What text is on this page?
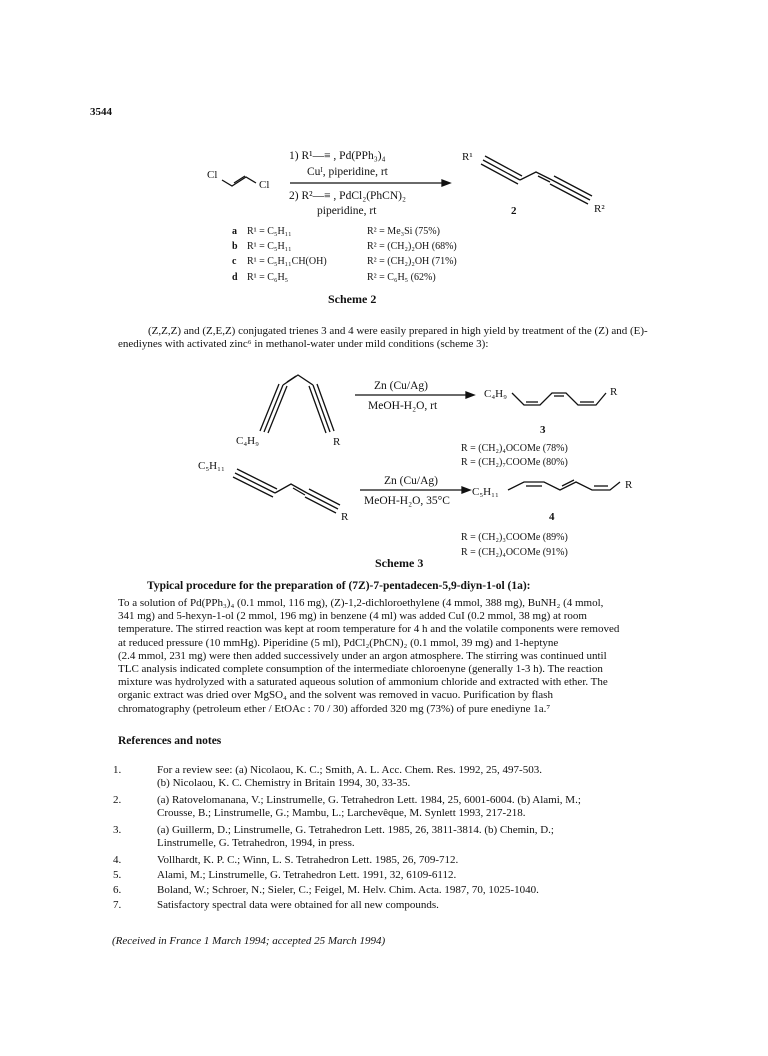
3544
Cl
Cl
1) R¹—≡ , Pd(PPh₃)₄
Cuᴵ, piperidine, rt
2) R²—≡ , PdCl₂(PhCN)₂
piperidine, rt
R¹
R²
2
a R¹ = C₅H₁₁	R² = Me₃Si (75%)
b R¹ = C₅H₁₁	R² = (CH₂)₂OH (68%)
c R¹ = C₅H₁₁CH(OH)	R² = (CH₂)₂OH (71%)
d R¹ = C₆H₅	R² = C₆H₅ (62%)
Scheme 2
(Z,Z,Z) and (Z,E,Z) conjugated trienes 3 and 4 were easily prepared in high yield by treatment of the (Z) and (E)-enediynes with activated zinc⁶ in methanol-water under mild conditions (scheme 3):
C₄H₉	R
Zn (Cu/Ag)
MeOH-H₂O, rt
C₄H₉	R
3
R = (CH₂)₄OCOMe (78%)
R = (CH₂)₇COOMe (80%)
C₅H₁₁
R
Zn (Cu/Ag)
MeOH-H₂O, 35°C
C₅H₁₁
R
4
R = (CH₂)₃COOMe (89%)
R = (CH₂)₄OCOMe (91%)
Scheme 3
Typical procedure for the preparation of (7Z)-7-pentadecen-5,9-diyn-1-ol (1a):
To a solution of Pd(PPh₃)₄ (0.1 mmol, 116 mg), (Z)-1,2-dichloroethylene (4 mmol, 388 mg), BuNH₂ (4 mmol,
341 mg) and 5-hexyn-1-ol (2 mmol, 196 mg) in benzene (4 ml) was added CuI (0.2 mmol, 38 mg) at room
temperature. The stirred reaction was kept at room temperature for 4 h and the volatile components were removed
at reduced pressure (10 mmHg). Piperidine (5 ml), PdCl₂(PhCN)₂ (0.1 mmol, 39 mg) and 1-heptyne
(2.4 mmol, 231 mg) were then added successively under an argon atmosphere. The stirring was continued until
TLC analysis indicated complete consumption of the intermediate chloroenyne (generally 1-3 h). The reaction
mixture was hydrolyzed with a saturated aqueous solution of ammonium chloride and extracted with ether. The
organic extract was dried over MgSO₄ and the solvent was removed in vacuo. Purification by flash
chromatography (petroleum ether / EtOAc : 70 / 30) afforded 320 mg (73%) of pure enediyne 1a.⁷
References and notes
1.	For a review see: (a) Nicolaou, K. C.; Smith, A. L. Acc. Chem. Res. 1992, 25, 497-503.
(b) Nicolaou, K. C. Chemistry in Britain 1994, 30, 33-35.
2.	(a) Ratovelomanana, V.; Linstrumelle, G. Tetrahedron Lett. 1984, 25, 6001-6004. (b) Alami, M.;
Crousse, B.; Linstrumelle, G.; Mambu, L.; Larchevêque, M. Synlett 1993, 217-218.
3.	(a) Guillerm, D.; Linstrumelle, G. Tetrahedron Lett. 1985, 26, 3811-3814. (b) Chemin, D.;
Linstrumelle, G. Tetrahedron, 1994, in press.
4.	Vollhardt, K. P. C.; Winn, L. S. Tetrahedron Lett. 1985, 26, 709-712.
5.	Alami, M.; Linstrumelle, G. Tetrahedron Lett. 1991, 32, 6109-6112.
6.	Boland, W.; Schroer, N.; Sieler, C.; Feigel, M. Helv. Chim. Acta. 1987, 70, 1025-1040.
7.	Satisfactory spectral data were obtained for all new compounds.
(Received in France 1 March 1994; accepted 25 March 1994)
